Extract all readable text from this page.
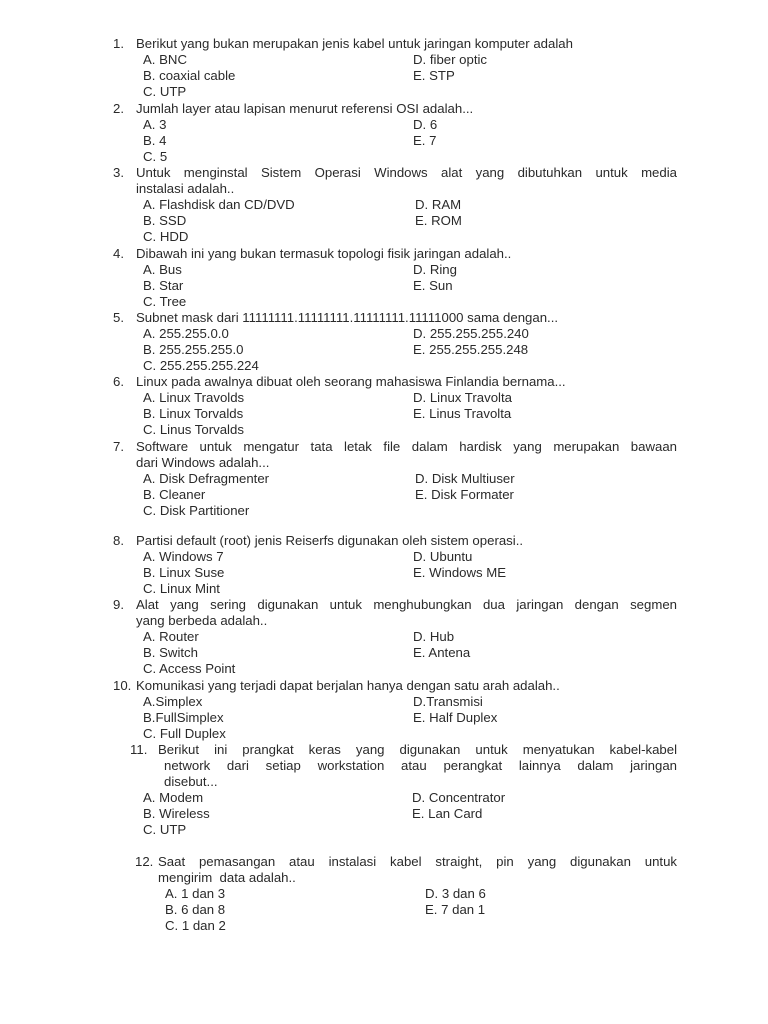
1. Berikut yang bukan merupakan jenis kabel untuk jaringan komputer adalah
A. BNC	D. fiber optic
B. coaxial cable	E. STP
C. UTP
2. Jumlah layer atau lapisan menurut referensi OSI adalah...
A. 3	D. 6
B. 4	E. 7
C. 5
3. Untuk menginstal Sistem Operasi Windows alat yang dibutuhkan untuk media
instalasi adalah..
A. Flashdisk dan CD/DVD	D. RAM
B. SSD	E. ROM
C. HDD
4. Dibawah ini yang bukan termasuk topologi fisik jaringan adalah..
A. Bus	D. Ring
B. Star	E. Sun
C. Tree
5. Subnet mask dari 11111111.11111111.11111111.11111000 sama dengan...
A. 255.255.0.0	D. 255.255.255.240
B. 255.255.255.0	E. 255.255.255.248
C. 255.255.255.224
6. Linux pada awalnya dibuat oleh seorang mahasiswa Finlandia bernama...
A. Linux Travolds	D. Linux Travolta
B. Linux Torvalds	E. Linus Travolta
C. Linus Torvalds
7. Software untuk mengatur tata letak file dalam hardisk yang merupakan bawaan
dari Windows adalah...
A. Disk Defragmenter	D. Disk Multiuser
B. Cleaner	E. Disk Formater
C. Disk Partitioner
8. Partisi default (root) jenis Reiserfs digunakan oleh sistem operasi..
A. Windows 7	D. Ubuntu
B. Linux Suse	E. Windows ME
C. Linux Mint
9. Alat yang sering digunakan untuk menghubungkan dua jaringan dengan segmen
yang berbeda adalah..
A. Router	D. Hub
B. Switch	E. Antena
C. Access Point
10. Komunikasi yang terjadi dapat berjalan hanya dengan satu arah adalah..
A.Simplex	D.Transmisi
B.FullSimplex	E. Half Duplex
C. Full Duplex
11. Berikut ini prangkat keras yang digunakan untuk menyatukan kabel-kabel
network dari setiap workstation atau perangkat lainnya dalam jaringan
disebut...
A. Modem	D. Concentrator
B. Wireless	E. Lan Card
C. UTP
12. Saat pemasangan atau instalasi kabel straight, pin yang digunakan untuk
mengirim  data adalah..
A. 1 dan 3	D. 3 dan 6
B. 6 dan 8	E. 7 dan 1
C. 1 dan 2
